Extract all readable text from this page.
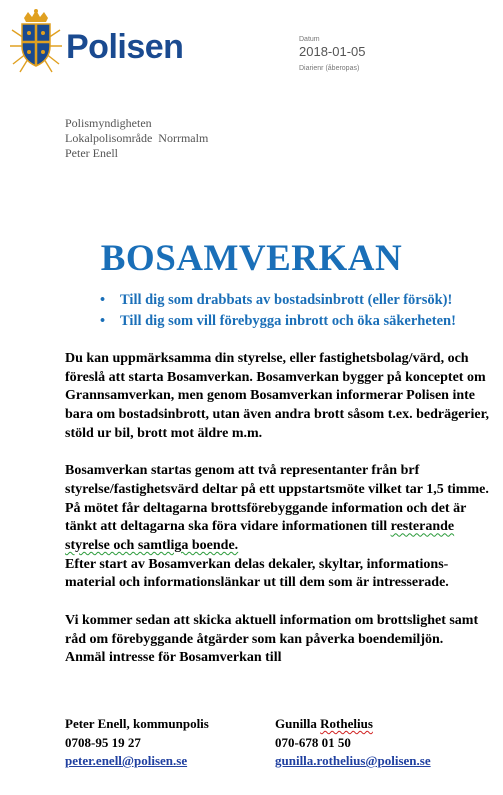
Polisen	Datum
2018-01-05
Diarienr (åberopas)
Polismyndigheten
Lokalpolisområde  Norrmalm
Peter Enell
BOSAMVERKAN
• Till dig som drabbats av bostadsinbrott (eller försök)!
• Till dig som vill förebygga inbrott och öka säkerheten!

Du kan uppmärksamma din styrelse, eller fastighetsbolag/värd, och föreslå att starta Bosamverkan. Bosamverkan bygger på konceptet om Grannsamverkan, men genom Bosamverkan informerar Polisen inte bara om bostadsinbrott, utan även andra brott såsom t.ex. bedrägerier, stöld ur bil, brott mot äldre m.m.

Bosamverkan startas genom att två representanter från brf styrelse/fastighetsvärd deltar på ett uppstartsmöte vilket tar 1,5 timme. På mötet får deltagarna brottsförebyggande information och det är tänkt att deltagarna ska föra vidare informationen till resterande styrelse och samtliga boende.

Efter start av Bosamverkan delas dekaler, skyltar, informations-material och informationslänkar ut till dem som är intresserade.

Vi kommer sedan att skicka aktuell information om brottslighet samt råd om förebyggande åtgärder som kan påverka boendemiljön.

Anmäl intresse för Bosamverkan till

Peter Enell, kommunpolis
0708-95 19 27
peter.enell@polisen.se
Gunilla Rothelius
070-678 01 50
gunilla.rothelius@polisen.se
